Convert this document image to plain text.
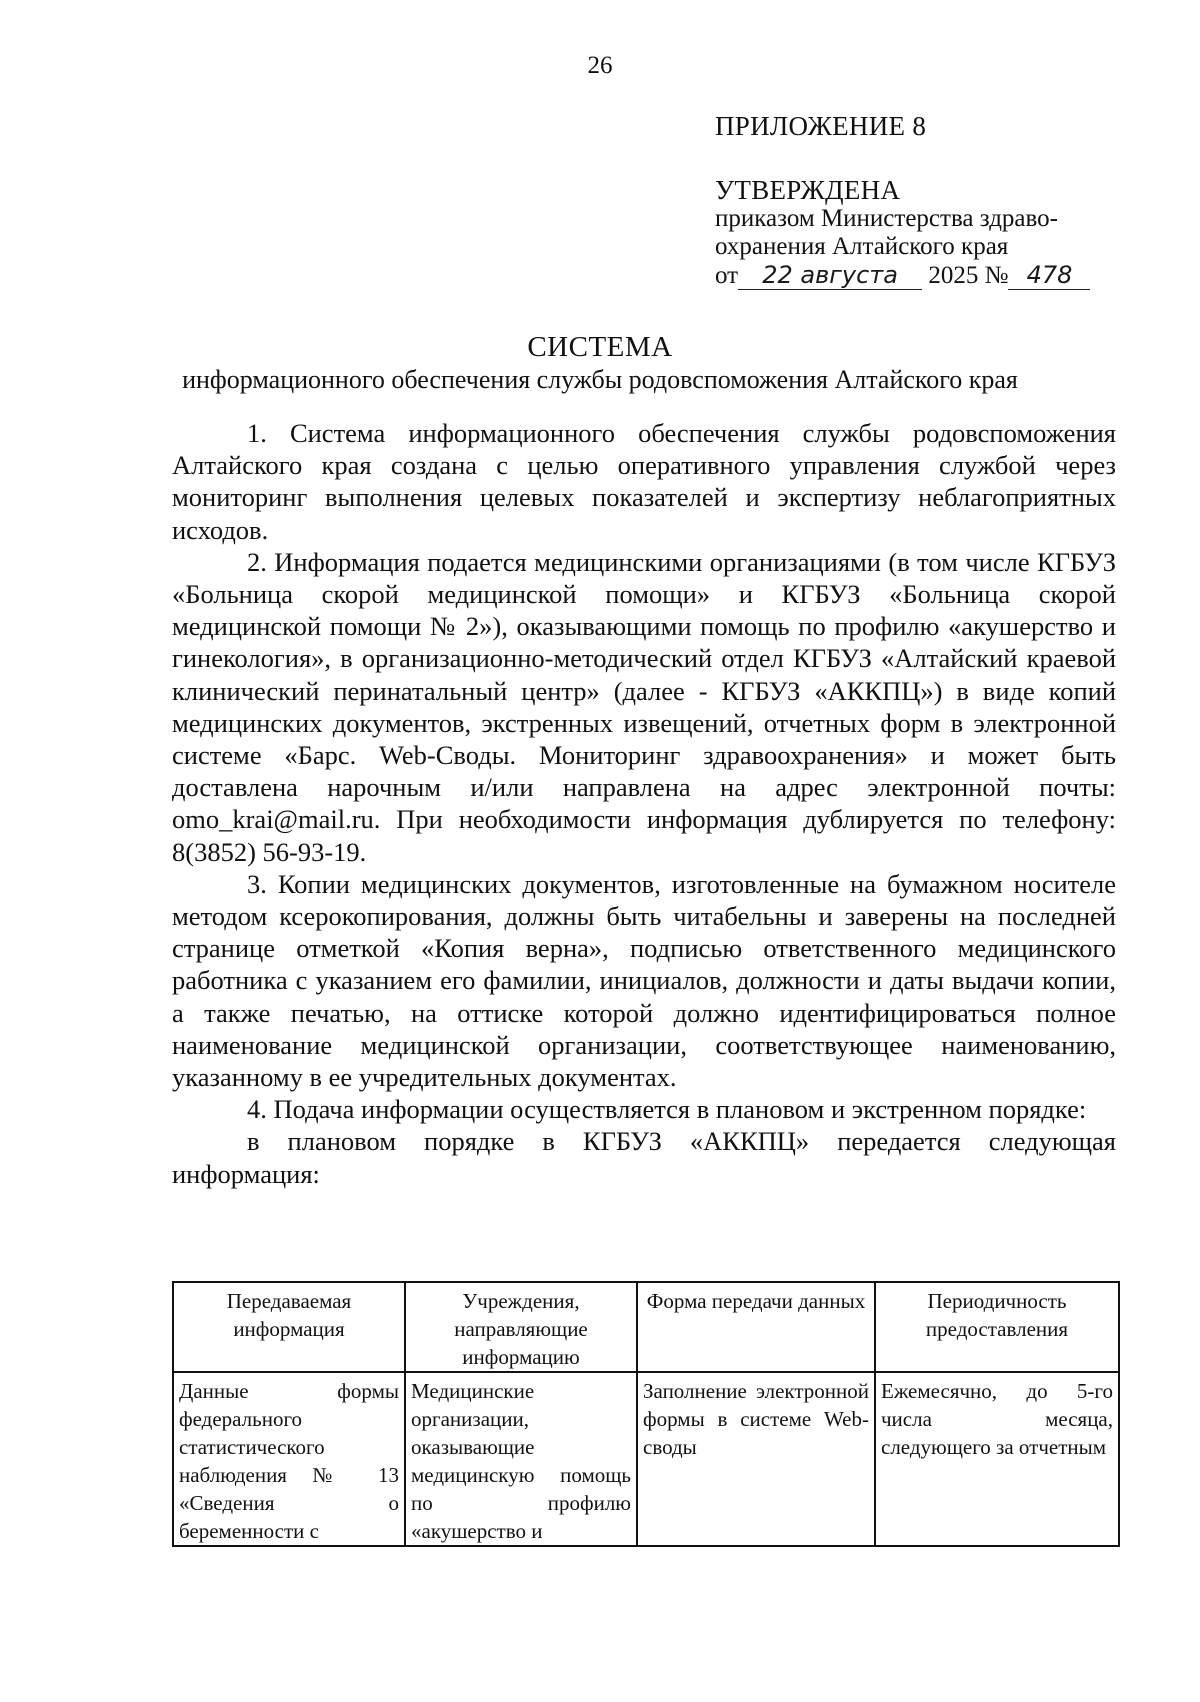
26
ПРИЛОЖЕНИЕ 8
УТВЕРЖДЕНА
приказом Министерства здраво-
охранения Алтайского края
от 22 августа 2025 № 478
СИСТЕМА
информационного обеспечения службы родовспоможения Алтайского края

1. Система информационного обеспечения службы родовспоможения Алтайского края создана с целью оперативного управления службой через мониторинг выполнения целевых показателей и экспертизу неблагоприятных исходов.

2. Информация подается медицинскими организациями (в том числе КГБУЗ «Больница скорой медицинской помощи» и КГБУЗ «Больница скорой медицинской помощи № 2»), оказывающими помощь по профилю «акушерство и гинекология», в организационно-методический отдел КГБУЗ «Алтайский краевой клинический перинатальный центр» (далее - КГБУЗ «АККПЦ») в виде копий медицинских документов, экстренных извещений, отчетных форм в электронной системе «Барс. Web-Своды. Мониторинг здравоохранения» и может быть доставлена нарочным и/или направлена на адрес электронной почты: omo_krai@mail.ru. При необходимости информация дублируется по телефону: 8(3852) 56-93-19.

3. Копии медицинских документов, изготовленные на бумажном носителе методом ксерокопирования, должны быть читабельны и заверены на последней странице отметкой «Копия верна», подписью ответственного медицинского работника с указанием его фамилии, инициалов, должности и даты выдачи копии, а также печатью, на оттиске которой должно идентифицироваться полное наименование медицинской организации, соответствующее наименованию, указанному в ее учредительных документах.

4. Подача информации осуществляется в плановом и экстренном порядке:

в плановом порядке в КГБУЗ «АККПЦ» передается следующая информация:

Передаваемая информация	Учреждения, направляющие информацию	Форма передачи данных	Периодичность предоставления
Данные формы федерального статистического наблюдения № 13 «Сведения о беременности с	Медицинские организации, оказывающие медицинскую помощь по профилю «акушерство и	Заполнение электронной формы в системе Web-своды	Ежемесячно, до 5-го числа месяца, следующего за отчетным
